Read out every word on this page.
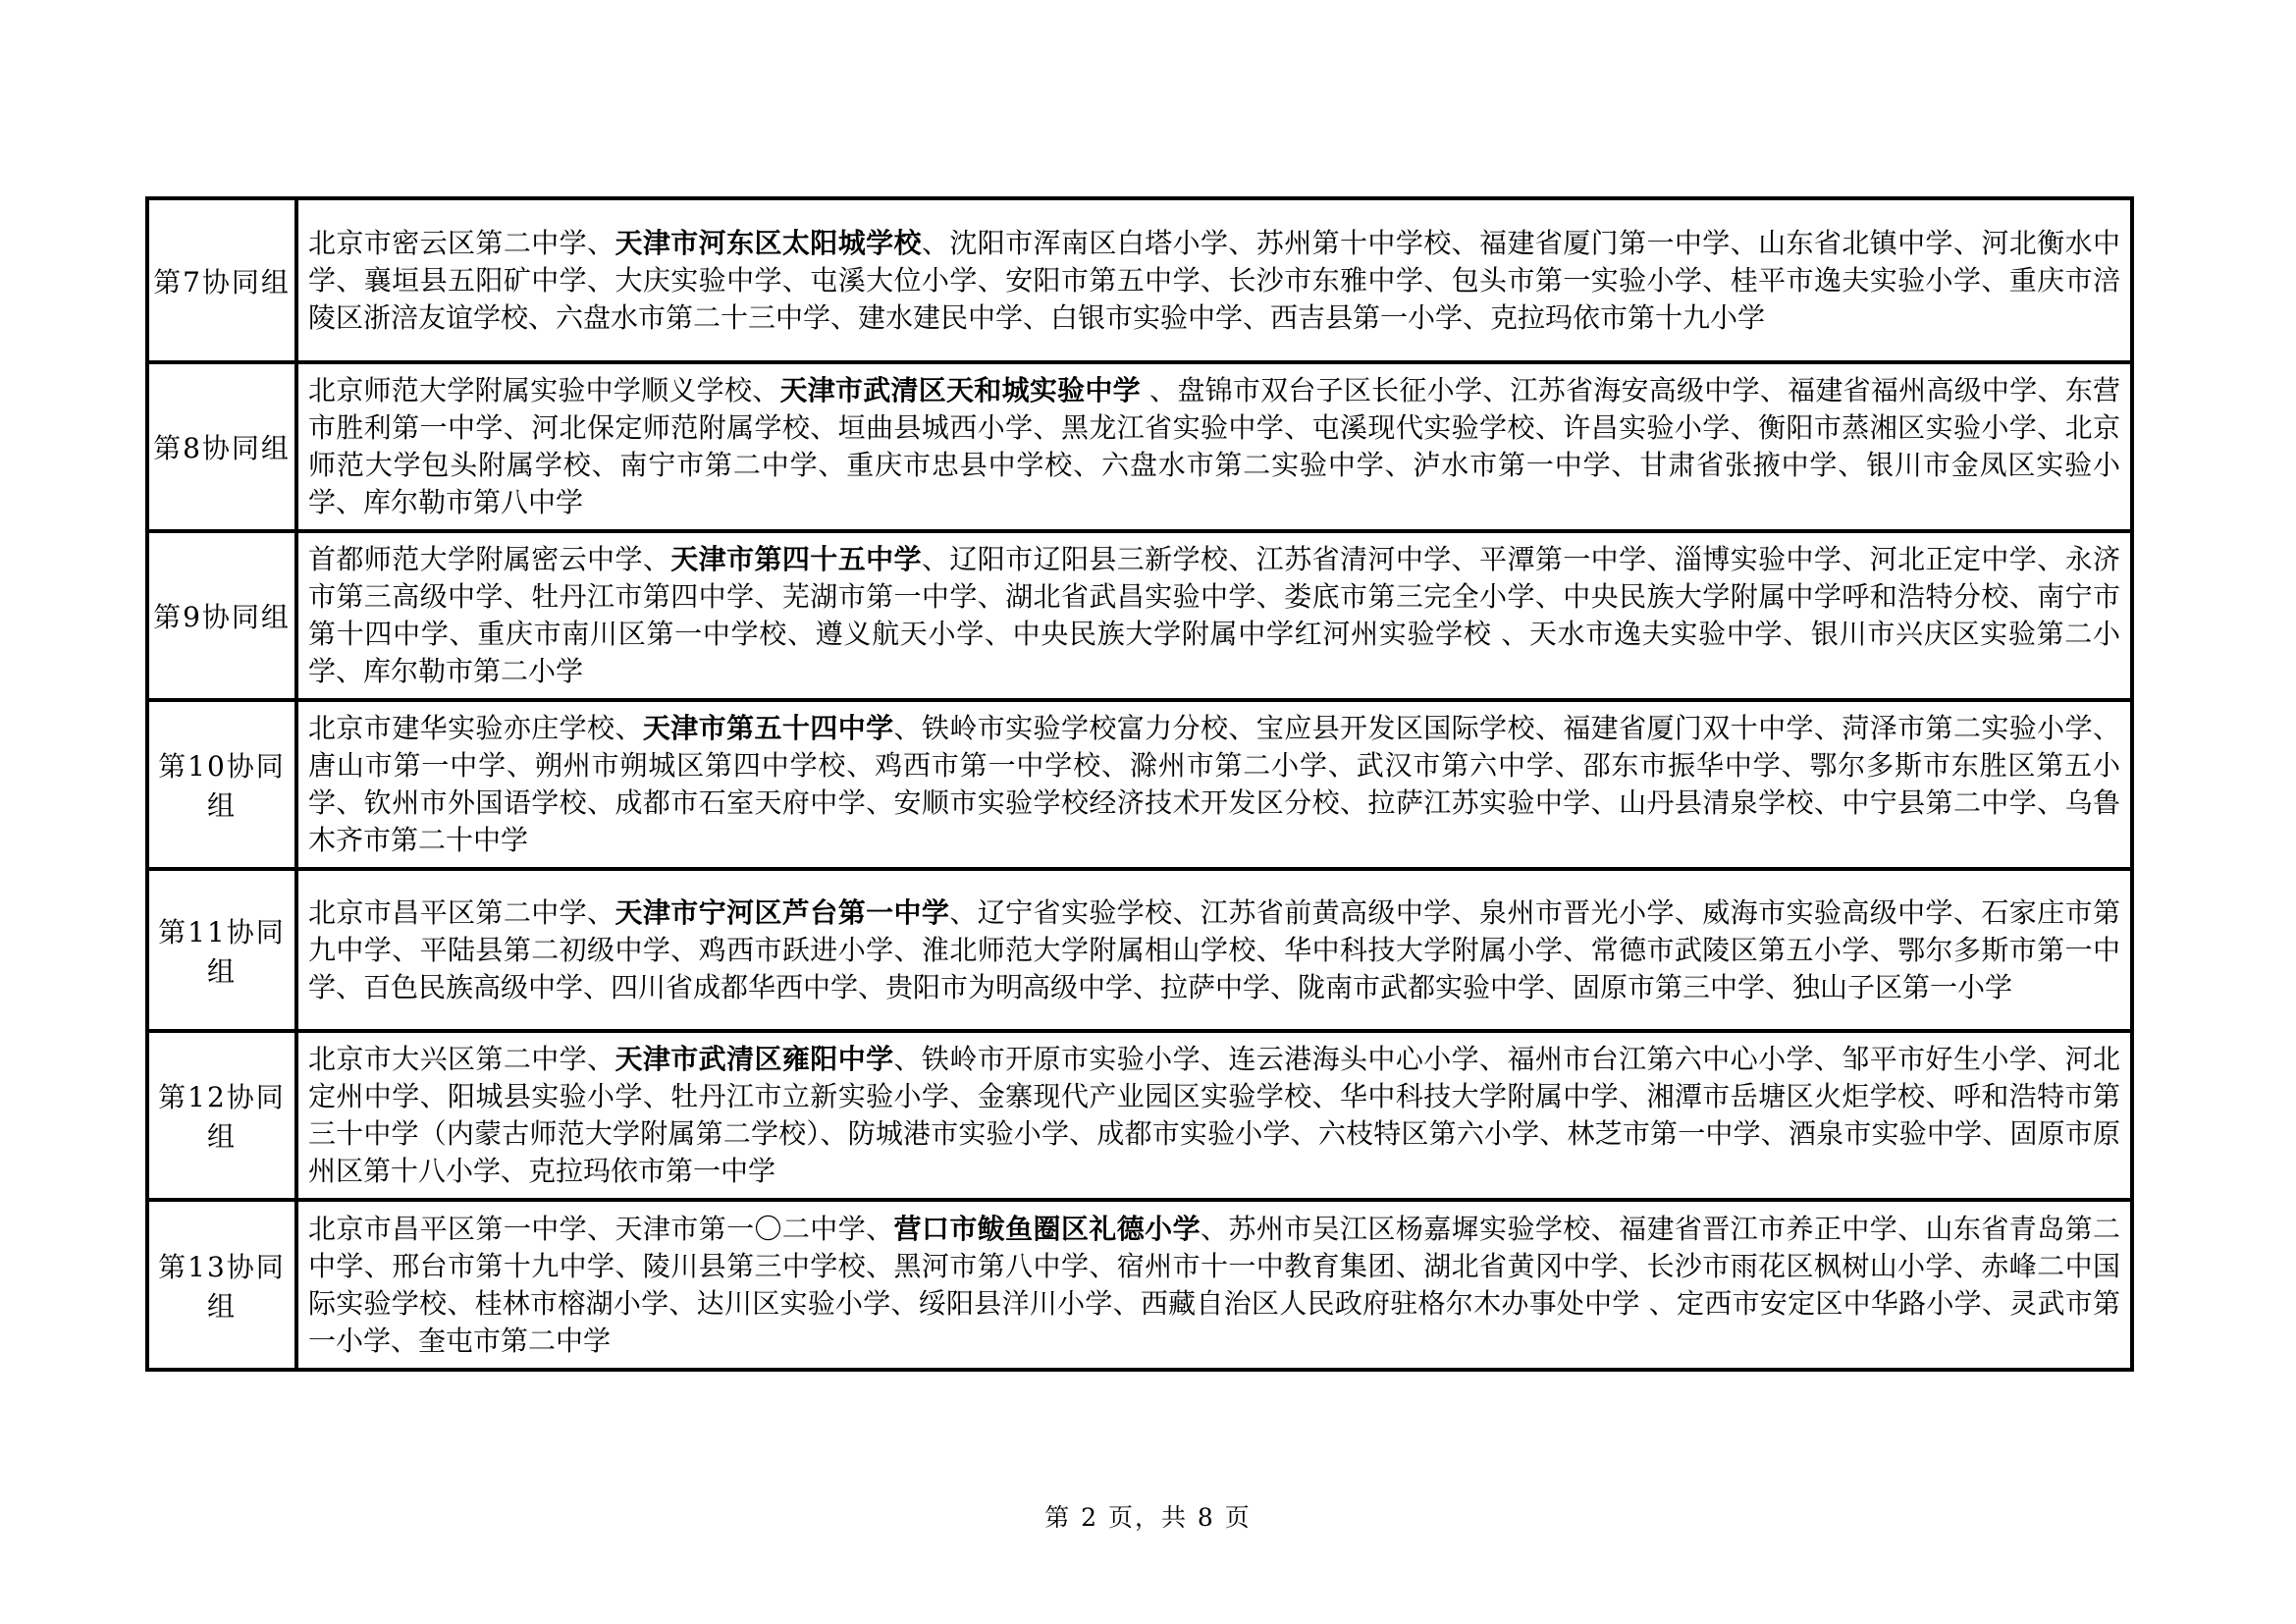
第7协同组	北京市密云区第二中学、天津市河东区太阳城学校、沈阳市浑南区白塔小学、苏州第十中学校、福建省厦门第一中学、山东省北镇中学、河北衡水中学、襄垣县五阳矿中学、大庆实验中学、屯溪大位小学、安阳市第五中学、长沙市东雅中学、包头市第一实验小学、桂平市逸夫实验小学、重庆市涪陵区浙涪友谊学校、六盘水市第二十三中学、建水建民中学、白银市实验中学、西吉县第一小学、克拉玛依市第十九小学
第8协同组	北京师范大学附属实验中学顺义学校、天津市武清区天和城实验中学 、盘锦市双台子区长征小学、江苏省海安高级中学、福建省福州高级中学、东营市胜利第一中学、河北保定师范附属学校、垣曲县城西小学、黑龙江省实验中学、屯溪现代实验学校、许昌实验小学、衡阳市蒸湘区实验小学、北京师范大学包头附属学校、南宁市第二中学、重庆市忠县中学校、六盘水市第二实验中学、泸水市第一中学、甘肃省张掖中学、银川市金凤区实验小学、库尔勒市第八中学
第9协同组	首都师范大学附属密云中学、天津市第四十五中学、辽阳市辽阳县三新学校、江苏省清河中学、平潭第一中学、淄博实验中学、河北正定中学、永济市第三高级中学、牡丹江市第四中学、芜湖市第一中学、湖北省武昌实验中学、娄底市第三完全小学、中央民族大学附属中学呼和浩特分校、南宁市第十四中学、重庆市南川区第一中学校、遵义航天小学、中央民族大学附属中学红河州实验学校 、天水市逸夫实验中学、银川市兴庆区实验第二小学、库尔勒市第二小学
第10协同组	北京市建华实验亦庄学校、天津市第五十四中学、铁岭市实验学校富力分校、宝应县开发区国际学校、福建省厦门双十中学、菏泽市第二实验小学、唐山市第一中学、朔州市朔城区第四中学校、鸡西市第一中学校、滁州市第二小学、武汉市第六中学、邵东市振华中学、鄂尔多斯市东胜区第五小学、钦州市外国语学校、成都市石室天府中学、安顺市实验学校经济技术开发区分校、拉萨江苏实验中学、山丹县清泉学校、中宁县第二中学、乌鲁木齐市第二十中学
第11协同组	北京市昌平区第二中学、天津市宁河区芦台第一中学、辽宁省实验学校、江苏省前黄高级中学、泉州市晋光小学、威海市实验高级中学、石家庄市第九中学、平陆县第二初级中学、鸡西市跃进小学、淮北师范大学附属相山学校、华中科技大学附属小学、常德市武陵区第五小学、鄂尔多斯市第一中学、百色民族高级中学、四川省成都华西中学、贵阳市为明高级中学、拉萨中学、陇南市武都实验中学、固原市第三中学、独山子区第一小学
第12协同组	北京市大兴区第二中学、天津市武清区雍阳中学、铁岭市开原市实验小学、连云港海头中心小学、福州市台江第六中心小学、邹平市好生小学、河北定州中学、阳城县实验小学、牡丹江市立新实验小学、金寨现代产业园区实验学校、华中科技大学附属中学、湘潭市岳塘区火炬学校、呼和浩特市第三十中学（内蒙古师范大学附属第二学校）、防城港市实验小学、成都市实验小学、六枝特区第六小学、林芝市第一中学、酒泉市实验中学、固原市原州区第十八小学、克拉玛依市第一中学
第13协同组	北京市昌平区第一中学、天津市第一〇二中学、营口市鲅鱼圈区礼德小学、苏州市吴江区杨嘉墀实验学校、福建省晋江市养正中学、山东省青岛第二中学、邢台市第十九中学、陵川县第三中学校、黑河市第八中学、宿州市十一中教育集团、湖北省黄冈中学、长沙市雨花区枫树山小学、赤峰二中国际实验学校、桂林市榕湖小学、达川区实验小学、绥阳县洋川小学、西藏自治区人民政府驻格尔木办事处中学 、定西市安定区中华路小学、灵武市第一小学、奎屯市第二中学
第 2 页，共 8 页
